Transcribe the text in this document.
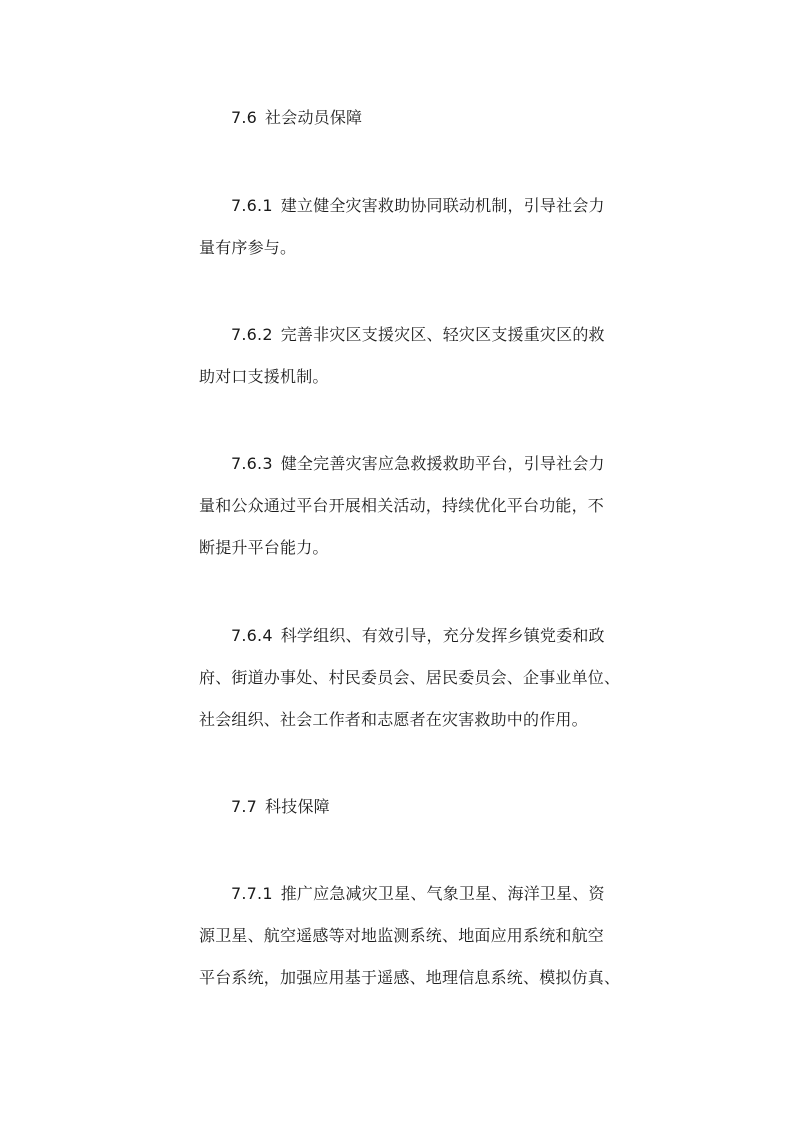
7.6 社会动员保障
7.6.1 建立健全灾害救助协同联动机制，引导社会力
量有序参与。
7.6.2 完善非灾区支援灾区、轻灾区支援重灾区的救
助对口支援机制。
7.6.3 健全完善灾害应急救援救助平台，引导社会力
量和公众通过平台开展相关活动，持续优化平台功能，不
断提升平台能力。
7.6.4 科学组织、有效引导，充分发挥乡镇党委和政
府、街道办事处、村民委员会、居民委员会、企事业单位、
社会组织、社会工作者和志愿者在灾害救助中的作用。
7.7 科技保障
7.7.1 推广应急减灾卫星、气象卫星、海洋卫星、资
源卫星、航空遥感等对地监测系统、地面应用系统和航空
平台系统，加强应用基于遥感、地理信息系统、模拟仿真、
